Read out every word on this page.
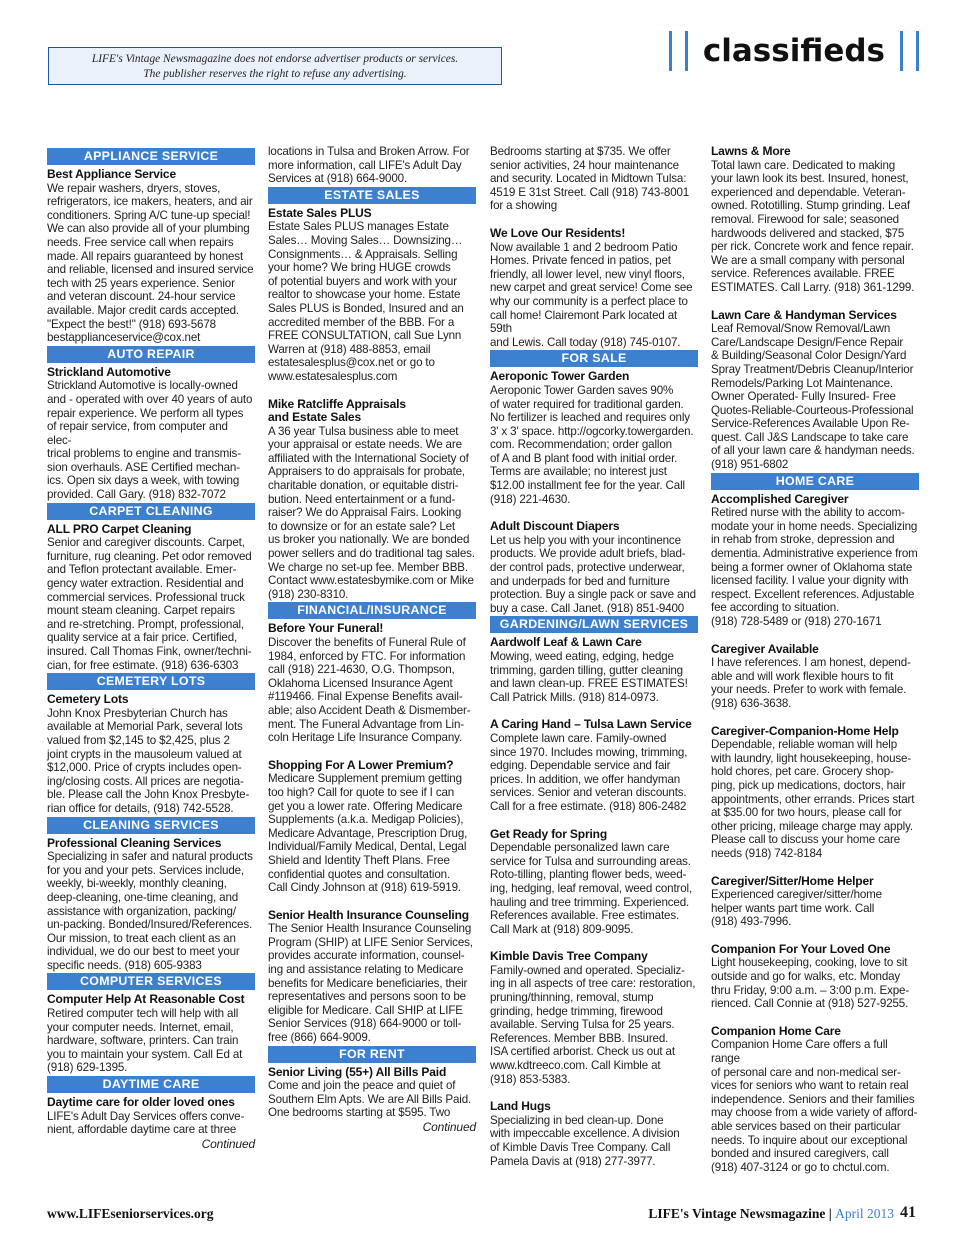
LIFE's Vintage Newsmagazine does not endorse advertiser products or services.
The publisher reserves the right to refuse any advertising.
classifieds
APPLIANCE SERVICE
Best Appliance Service
We repair washers, dryers, stoves,
refrigerators, ice makers, heaters, and air
conditioners. Spring A/C tune-up special!
We can also provide all of your plumbing
needs. Free service call when repairs
made. All repairs guaranteed by honest
and reliable, licensed and insured service
tech with 25 years experience. Senior
and veteran discount. 24-hour service
available. Major credit cards accepted.
"Expect the best!" (918) 693-5678
bestapplianceservice@cox.net
AUTO REPAIR
Strickland Automotive
Strickland Automotive is locally-owned
and - operated with over 40 years of auto
repair experience. We perform all types
of repair service, from computer and elec-
trical problems to engine and transmis-
sion overhauls. ASE Certified mechan-
ics. Open six days a week, with towing
provided. Call Gary. (918) 832-7072
CARPET CLEANING
ALL PRO Carpet Cleaning
Senior and caregiver discounts. Carpet,
furniture, rug cleaning. Pet odor removed
and Teflon protectant available. Emer-
gency water extraction. Residential and
commercial services. Professional truck
mount steam cleaning. Carpet repairs
and re-stretching. Prompt, professional,
quality service at a fair price. Certified,
insured. Call Thomas Fink, owner/techni-
cian, for free estimate. (918) 636-6303
CEMETERY LOTS
Cemetery Lots
John Knox Presbyterian Church has
available at Memorial Park, several lots
valued from $2,145 to $2,425, plus 2
joint crypts in the mausoleum valued at
$12,000. Price of crypts includes open-
ing/closing costs. All prices are negotia-
ble. Please call the John Knox Presbyte-
rian office for details, (918) 742-5528.
CLEANING SERVICES
Professional Cleaning Services
Specializing in safer and natural products
for you and your pets. Services include,
weekly, bi-weekly, monthly cleaning,
deep-cleaning, one-time cleaning, and
assistance with organization, packing/
un-packing. Bonded/Insured/References.
Our mission, to treat each client as an
individual, we do our best to meet your
specific needs. (918) 605-9383
COMPUTER SERVICES
Computer Help At Reasonable Cost
Retired computer tech will help with all
your computer needs. Internet, email,
hardware, software, printers. Can train
you to maintain your system. Call Ed at
(918) 629-1395.
DAYTIME CARE
Daytime care for older loved ones
LIFE's Adult Day Services offers conve-
nient, affordable daytime care at three
Continued
locations in Tulsa and Broken Arrow. For
more information, call LIFE's Adult Day
Services at (918) 664-9000.
ESTATE SALES
Estate Sales PLUS
Estate Sales PLUS manages Estate
Sales… Moving Sales… Downsizing…
Consignments… & Appraisals. Selling
your home? We bring HUGE crowds
of potential buyers and work with your
realtor to showcase your home. Estate
Sales PLUS is Bonded, Insured and an
accredited member of the BBB. For a
FREE CONSULTATION, call Sue Lynn
Warren at (918) 488-8853, email
estatesalesplus@cox.net or go to
www.estatesalesplus.com
Mike Ratcliffe Appraisals
and Estate Sales
A 36 year Tulsa business able to meet
your appraisal or estate needs. We are
affiliated with the International Society of
Appraisers to do appraisals for probate,
charitable donation, or equitable distri-
bution. Need entertainment or a fund-
raiser? We do Appraisal Fairs. Looking
to downsize or for an estate sale? Let
us broker you nationally. We are bonded
power sellers and do traditional tag sales.
We charge no set-up fee. Member BBB.
Contact www.estatesbymike.com or Mike
(918) 230-8310.
FINANCIAL/INSURANCE
Before Your Funeral!
Discover the benefits of Funeral Rule of
1984, enforced by FTC. For information
call (918) 221-4630, O.G. Thompson,
Oklahoma Licensed Insurance Agent
#119466. Final Expense Benefits avail-
able; also Accident Death & Dismember-
ment. The Funeral Advantage from Lin-
coln Heritage Life Insurance Company.
Shopping For A Lower Premium?
Medicare Supplement premium getting
too high? Call for quote to see if I can
get you a lower rate. Offering Medicare
Supplements (a.k.a. Medigap Policies),
Medicare Advantage, Prescription Drug,
Individual/Family Medical, Dental, Legal
Shield and Identity Theft Plans. Free
confidential quotes and consultation.
Call Cindy Johnson at (918) 619-5919.
Senior Health Insurance Counseling
The Senior Health Insurance Counseling
Program (SHIP) at LIFE Senior Services,
provides accurate information, counsel-
ing and assistance relating to Medicare
benefits for Medicare beneficiaries, their
representatives and persons soon to be
eligible for Medicare. Call SHIP at LIFE
Senior Services (918) 664-9000 or toll-
free (866) 664-9009.
FOR RENT
Senior Living (55+) All Bills Paid
Come and join the peace and quiet of
Southern Elm Apts. We are All Bills Paid.
One bedrooms starting at $595. Two
Continued
Bedrooms starting at $735. We offer
senior activities, 24 hour maintenance
and security. Located in Midtown Tulsa:
4519 E 31st Street. Call (918) 743-8001
for a showing
We Love Our Residents!
Now available 1 and 2 bedroom Patio
Homes. Private fenced in patios, pet
friendly, all lower level, new vinyl floors,
new carpet and great service! Come see
why our community is a perfect place to
call home! Clairemont Park located at 59th
and Lewis. Call today (918) 745-0107.
FOR SALE
Aeroponic Tower Garden
Aeroponic Tower Garden saves 90%
of water required for traditional garden.
No fertilizer is leached and requires only
3' x 3' space. http://ogcorky.towergarden.
com. Recommendation; order gallon
of A and B plant food with initial order.
Terms are available; no interest just
$12.00 installment fee for the year. Call
(918) 221-4630.
Adult Discount Diapers
Let us help you with your incontinence
products. We provide adult briefs, blad-
der control pads, protective underwear,
and underpads for bed and furniture
protection. Buy a single pack or save and
buy a case. Call Janet. (918) 851-9400
GARDENING/LAWN SERVICES
Aardwolf Leaf & Lawn Care
Mowing, weed eating, edging, hedge
trimming, garden tilling, gutter cleaning
and lawn clean-up. FREE ESTIMATES!
Call Patrick Mills. (918) 814-0973.
A Caring Hand – Tulsa Lawn Service
Complete lawn care. Family-owned
since 1970. Includes mowing, trimming,
edging. Dependable service and fair
prices. In addition, we offer handyman
services. Senior and veteran discounts.
Call for a free estimate. (918) 806-2482
Get Ready for Spring
Dependable personalized lawn care
service for Tulsa and surrounding areas.
Roto-tilling, planting flower beds, weed-
ing, hedging, leaf removal, weed control,
hauling and tree trimming. Experienced.
References available. Free estimates.
Call Mark at (918) 809-9095.
Kimble Davis Tree Company
Family-owned and operated. Specializ-
ing in all aspects of tree care: restoration,
pruning/thinning, removal, stump
grinding, hedge trimming, firewood
available. Serving Tulsa for 25 years.
References. Member BBB. Insured.
ISA certified arborist. Check us out at
www.kdtreeco.com. Call Kimble at
(918) 853-5383.
Land Hugs
Specializing in bed clean-up. Done
with impeccable excellence. A division
of Kimble Davis Tree Company. Call
Pamela Davis at (918) 277-3977.
Lawns & More
Total lawn care. Dedicated to making
your lawn look its best. Insured, honest,
experienced and dependable. Veteran-
owned. Rototilling. Stump grinding. Leaf
removal. Firewood for sale; seasoned
hardwoods delivered and stacked, $75
per rick. Concrete work and fence repair.
We are a small company with personal
service. References available. FREE
ESTIMATES. Call Larry. (918) 361-1299.
Lawn Care & Handyman Services
Leaf Removal/Snow Removal/Lawn
Care/Landscape Design/Fence Repair
& Building/Seasonal Color Design/Yard
Spray Treatment/Debris Cleanup/Interior
Remodels/Parking Lot Maintenance.
Owner Operated- Fully Insured- Free
Quotes-Reliable-Courteous-Professional
Service-References Available Upon Re-
quest. Call J&S Landscape to take care
of all your lawn care & handyman needs.
(918) 951-6802
HOME CARE
Accomplished Caregiver
Retired nurse with the ability to accom-
modate your in home needs. Specializing
in rehab from stroke, depression and
dementia. Administrative experience from
being a former owner of Oklahoma state
licensed facility. I value your dignity with
respect. Excellent references. Adjustable
fee according to situation.
(918) 728-5489 or (918) 270-1671
Caregiver Available
I have references. I am honest, depend-
able and will work flexible hours to fit
your needs. Prefer to work with female.
(918) 636-3638.
Caregiver-Companion-Home Help
Dependable, reliable woman will help
with laundry, light housekeeping, house-
hold chores, pet care. Grocery shop-
ping, pick up medications, doctors, hair
appointments, other errands. Prices start
at $35.00 for two hours, please call for
other pricing, mileage charge may apply.
Please call to discuss your home care
needs (918) 742-8184
Caregiver/Sitter/Home Helper
Experienced caregiver/sitter/home
helper wants part time work. Call
(918) 493-7996.
Companion For Your Loved One
Light housekeeping, cooking, love to sit
outside and go for walks, etc. Monday
thru Friday, 9:00 a.m. – 3:00 p.m. Expe-
rienced. Call Connie at (918) 527-9255.
Companion Home Care
Companion Home Care offers a full range
of personal care and non-medical ser-
vices for seniors who want to retain real
independence. Seniors and their families
may choose from a wide variety of afford-
able services based on their particular
needs. To inquire about our exceptional
bonded and insured caregivers, call
(918) 407-3124 or go to chctul.com.
www.LIFEseniorservices.org	LIFE's Vintage Newsmagazine | April 2013 41
